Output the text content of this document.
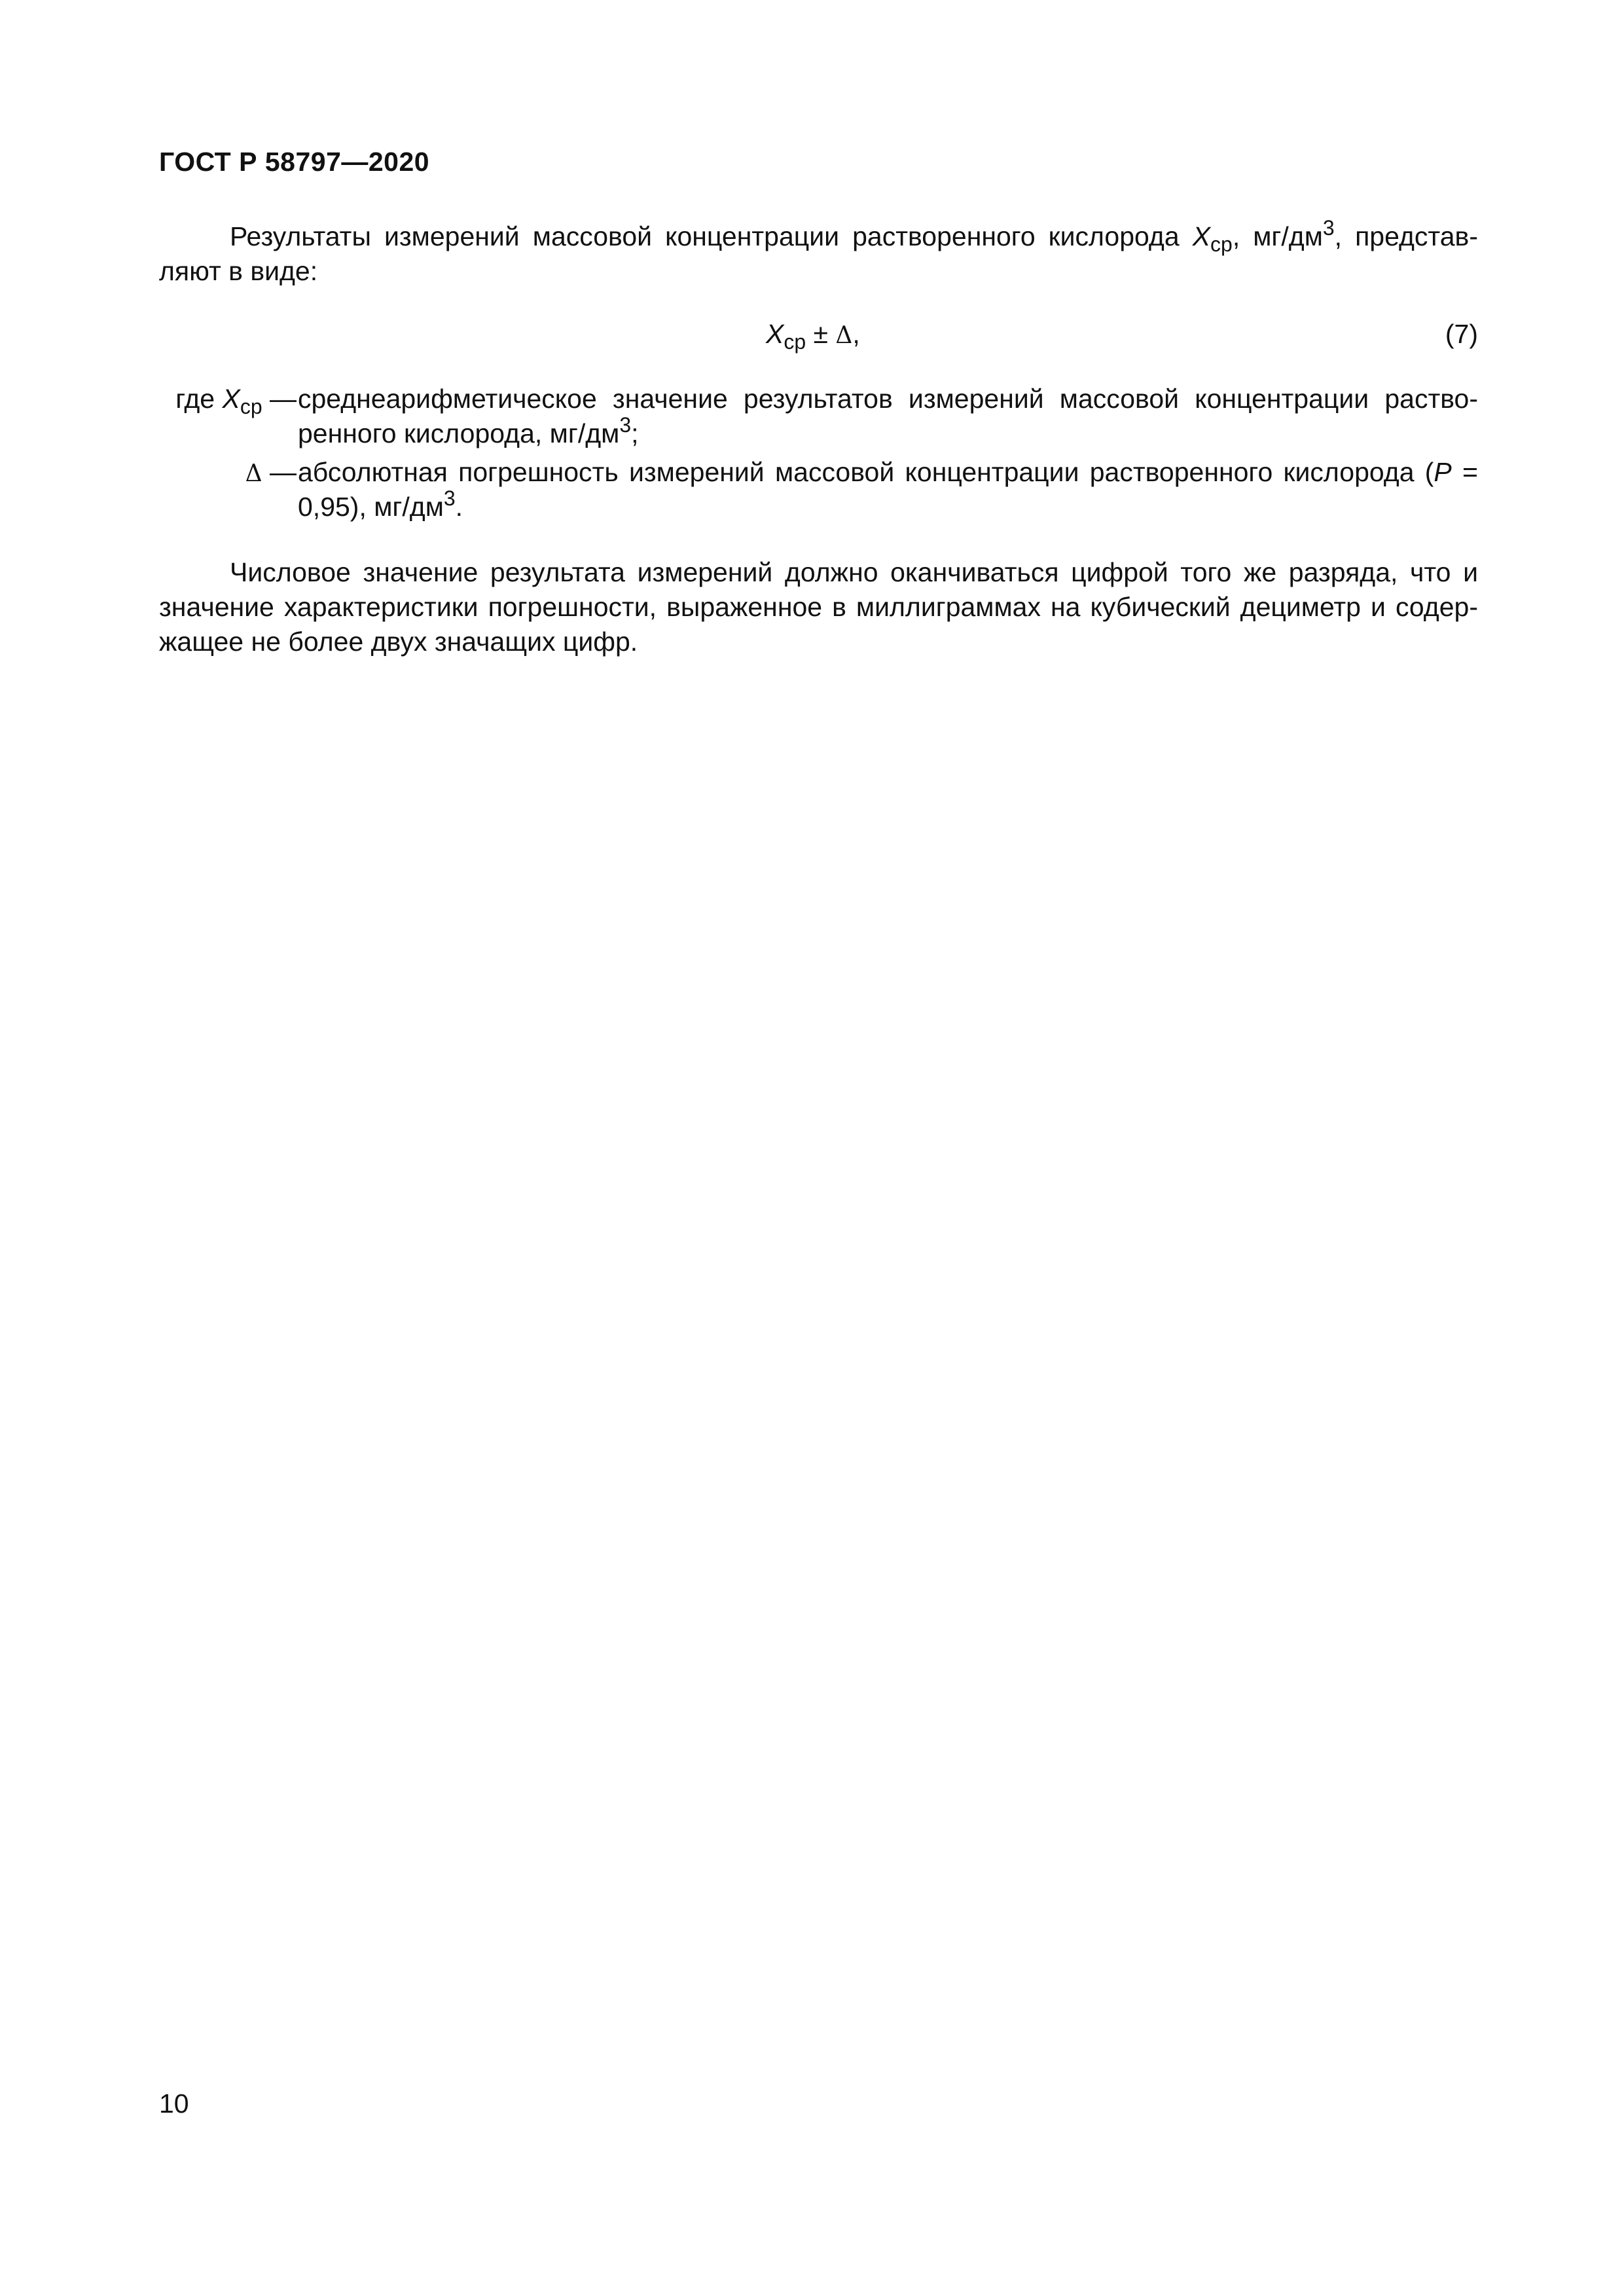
ГОСТ Р 58797—2020
Результаты измерений массовой концентрации растворенного кислорода $X_{ср}$, $мг/дм^3$, представ-ляют в виде:
$X_{ср} \pm \Delta$,	(7)
где $X_{ср}$ — среднеарифметическое значение результатов измерений массовой концентрации раство-ренного кислорода, $мг/дм^3$;
Δ — абсолютная погрешность измерений массовой концентрации растворенного кислорода (P = 0,95), $мг/дм^3$.
Числовое значение результата измерений должно оканчиваться цифрой того же разряда, что и значение характеристики погрешности, выраженное в миллиграммах на кубический дециметр и содер-жащее не более двух значащих цифр.
10
